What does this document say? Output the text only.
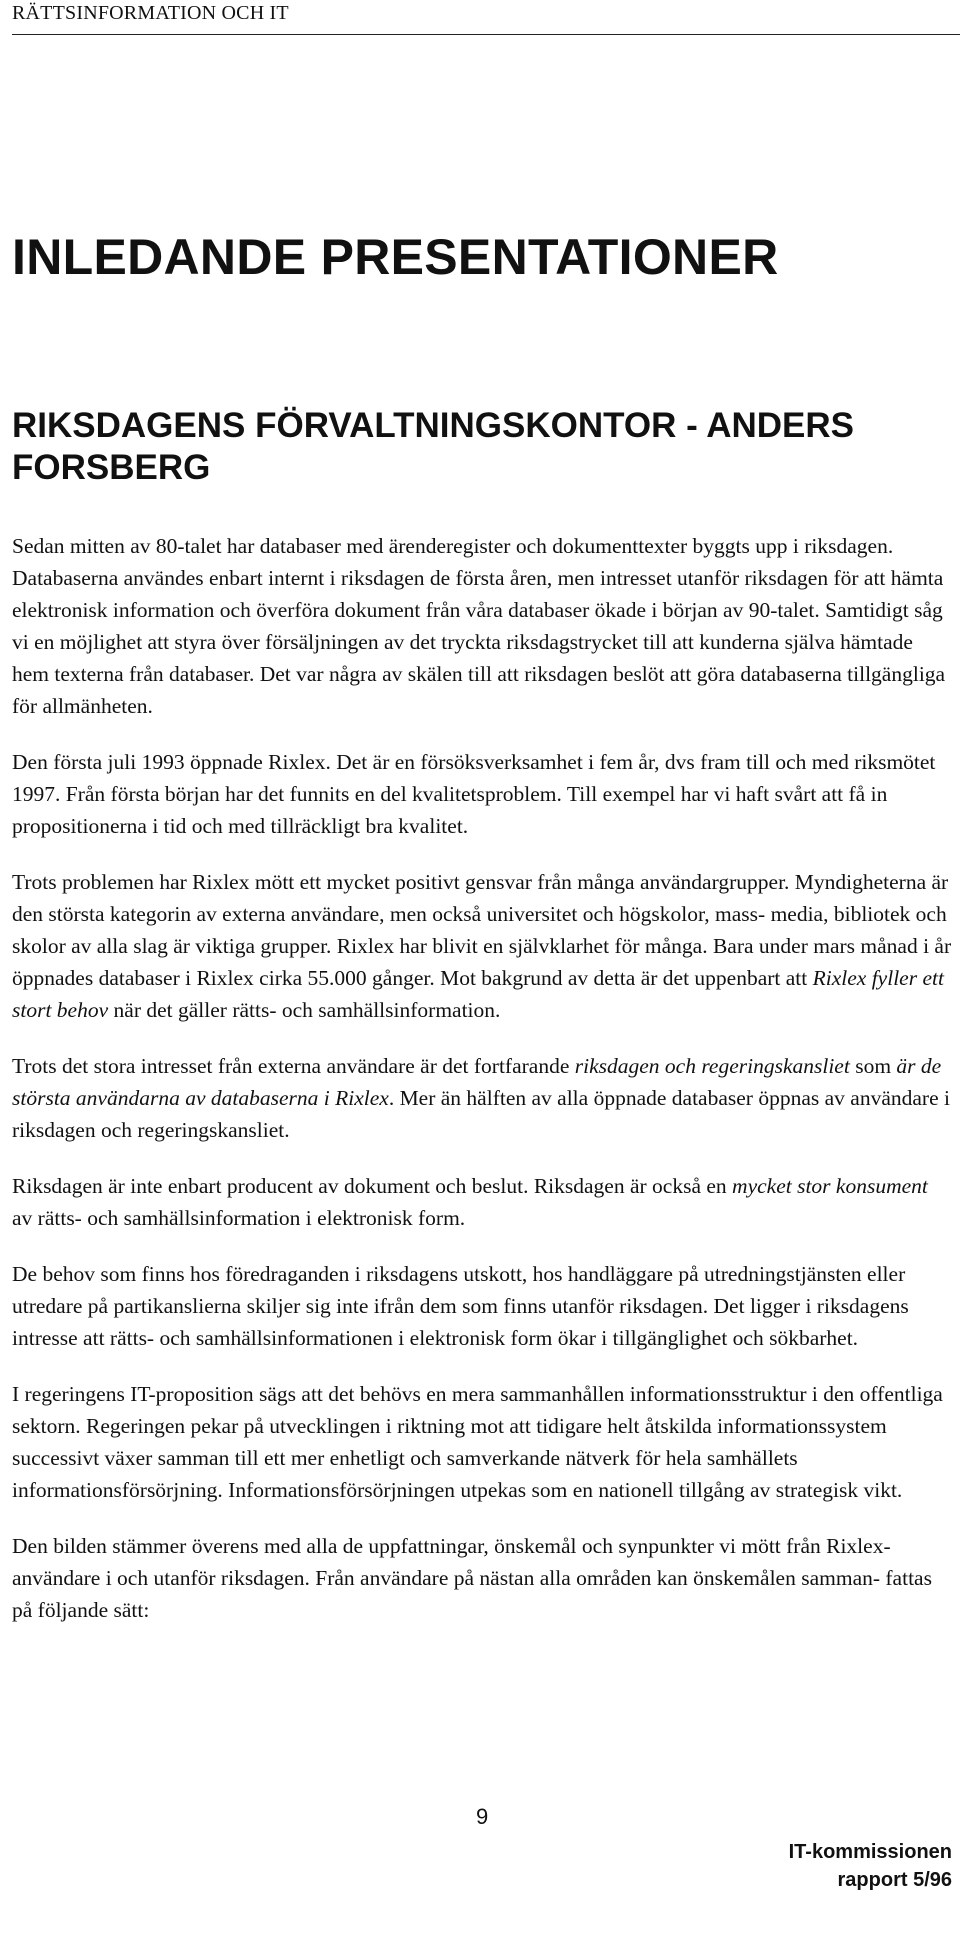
RÄTTSINFORMATION OCH IT
INLEDANDE PRESENTATIONER
RIKSDAGENS FÖRVALTNINGSKONTOR - ANDERS FORSBERG

Sedan mitten av 80-talet har databaser med ärenderegister och dokumenttexter byggts upp i riksdagen. Databaserna användes enbart internt i riksdagen de första åren, men intresset utanför riksdagen för att hämta elektronisk information och överföra dokument från våra databaser ökade i början av 90-talet. Samtidigt såg vi en möjlighet att styra över försäljningen av det tryckta riksdagstrycket till att kunderna själva hämtade hem texterna från databaser. Det var några av skälen till att riksdagen beslöt att göra databaserna tillgängliga för allmänheten.

Den första juli 1993 öppnade Rixlex. Det är en försöksverksamhet i fem år, dvs fram till och med riksmötet 1997. Från första början har det funnits en del kvalitetsproblem. Till exempel har vi haft svårt att få in propositionerna i tid och med tillräckligt bra kvalitet.

Trots problemen har Rixlex mött ett mycket positivt gensvar från många användargrupper. Myndigheterna är den största kategorin av externa användare, men också universitet och högskolor, mass- media, bibliotek och skolor av alla slag är viktiga grupper. Rixlex har blivit en självklarhet för många. Bara under mars månad i år öppnades databaser i Rixlex cirka 55.000 gånger. Mot bakgrund av detta är det uppenbart att Rixlex fyller ett stort behov när det gäller rätts- och samhällsinformation.

Trots det stora intresset från externa användare är det fortfarande riksdagen och regeringskansliet som är de största användarna av databaserna i Rixlex. Mer än hälften av alla öppnade databaser öppnas av användare i riksdagen och regeringskansliet.

Riksdagen är inte enbart producent av dokument och beslut. Riksdagen är också en mycket stor konsument av rätts- och samhällsinformation i elektronisk form.

De behov som finns hos föredraganden i riksdagens utskott, hos handläggare på utredningstjänsten eller utredare på partikanslierna skiljer sig inte ifrån dem som finns utanför riksdagen. Det ligger i riksdagens intresse att rätts- och samhällsinformationen i elektronisk form ökar i tillgänglighet och sökbarhet.

I regeringens IT-proposition sägs att det behövs en mera sammanhållen informationsstruktur i den offentliga sektorn. Regeringen pekar på utvecklingen i riktning mot att tidigare helt åtskilda informationssystem successivt växer samman till ett mer enhetligt och samverkande nätverk för hela samhällets informationsförsörjning. Informationsförsörjningen utpekas som en nationell tillgång av strategisk vikt.

Den bilden stämmer överens med alla de uppfattningar, önskemål och synpunkter vi mött från Rixlex-användare i och utanför riksdagen. Från användare på nästan alla områden kan önskemålen samman- fattas på följande sätt:

9
IT-kommissionen
rapport 5/96
